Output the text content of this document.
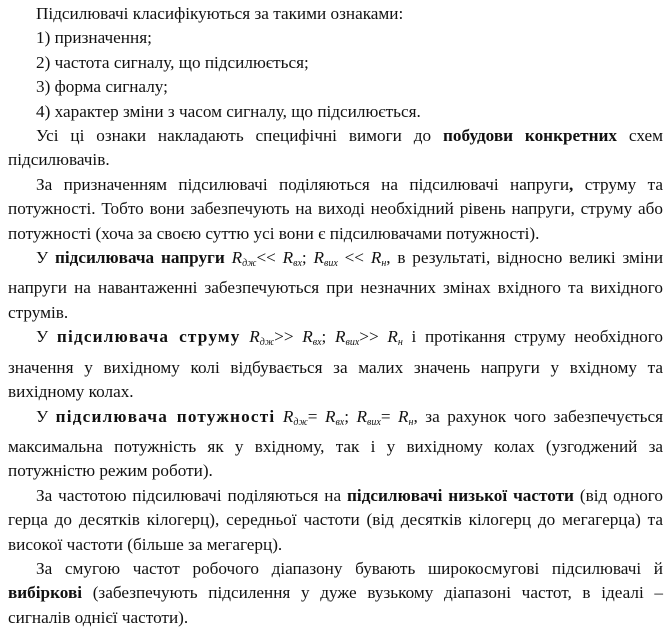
Підсилювачі класифікуються за такими ознаками:

1) призначення;
2) частота сигналу, що підсилюється;
3) форма сигналу;
4) характер зміни з часом сигналу, що підсилюється.

Усі ці ознаки накладають специфічні вимоги до побудови конкретних схем підсилювачів.

За призначенням підсилювачі поділяються на підсилювачі напруги, струму та потужності. Тобто вони забезпечують на виході необхідний рівень напруги, струму або потужності (хоча за своєю суттю усі вони є підсилювачами потужності).

У підсилювача напруги $R_{дж}<< R_{вх}$; $R_{вих} << R_н$, в результаті, відносно великі зміни напруги на навантаженні забезпечуються при незначних змінах вхідного та вихідного струмів.

У підсилювача струму $R_{дж}>> R_{вх}$; $R_{вих}>> R_н$ і протікання струму необхідного значення у вихідному колі відбувається за малих значень напруги у вхідному та вихідному колах.

У підсилювача потужності $R_{дж}= R_{вх}$; $R_{вих}= R_н$, за рахунок чого забезпечується максимальна потужність як у вхідному, так і у вихідному колах (узгоджений за потужністю режим роботи).

За частотою підсилювачі поділяються на підсилювачі низької частоти (від одного герца до десятків кілогерц), середньої частоти (від десятків кілогерц до мегагерца) та високої частоти (більше за мегагерц).

За смугою частот робочого діапазону бувають широкосмугові підсилювачі й вибіркові (забезпечують підсилення у дуже вузькому діапазоні частот, в ідеалі – сигналів однієї частоти).
